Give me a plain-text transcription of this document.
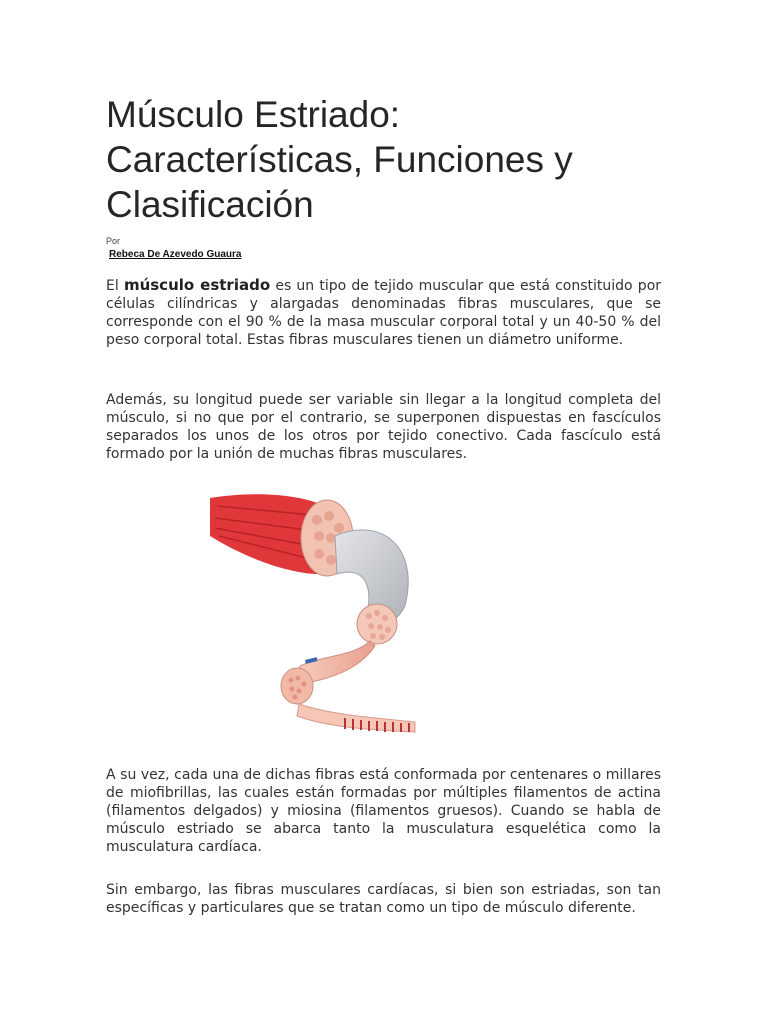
Músculo Estriado:
Características, Funciones y
Clasificación
Por
Rebeca De Azevedo Guaura

El músculo estriado es un tipo de tejido muscular que está constituido por células cilíndricas y alargadas denominadas fibras musculares, que se corresponde con el 90 % de la masa muscular corporal total y un 40-50 % del peso corporal total. Estas fibras musculares tienen un diámetro uniforme.

Además, su longitud puede ser variable sin llegar a la longitud completa del músculo, si no que por el contrario, se superponen dispuestas en fascículos separados los unos de los otros por tejido conectivo. Cada fascículo está formado por la unión de muchas fibras musculares.

A su vez, cada una de dichas fibras está conformada por centenares o millares de miofibrillas, las cuales están formadas por múltiples filamentos de actina (filamentos delgados) y miosina (filamentos gruesos). Cuando se habla de músculo estriado se abarca tanto la musculatura esquelética como la musculatura cardíaca.

Sin embargo, las fibras musculares cardíacas, si bien son estriadas, son tan específicas y particulares que se tratan como un tipo de músculo diferente.
